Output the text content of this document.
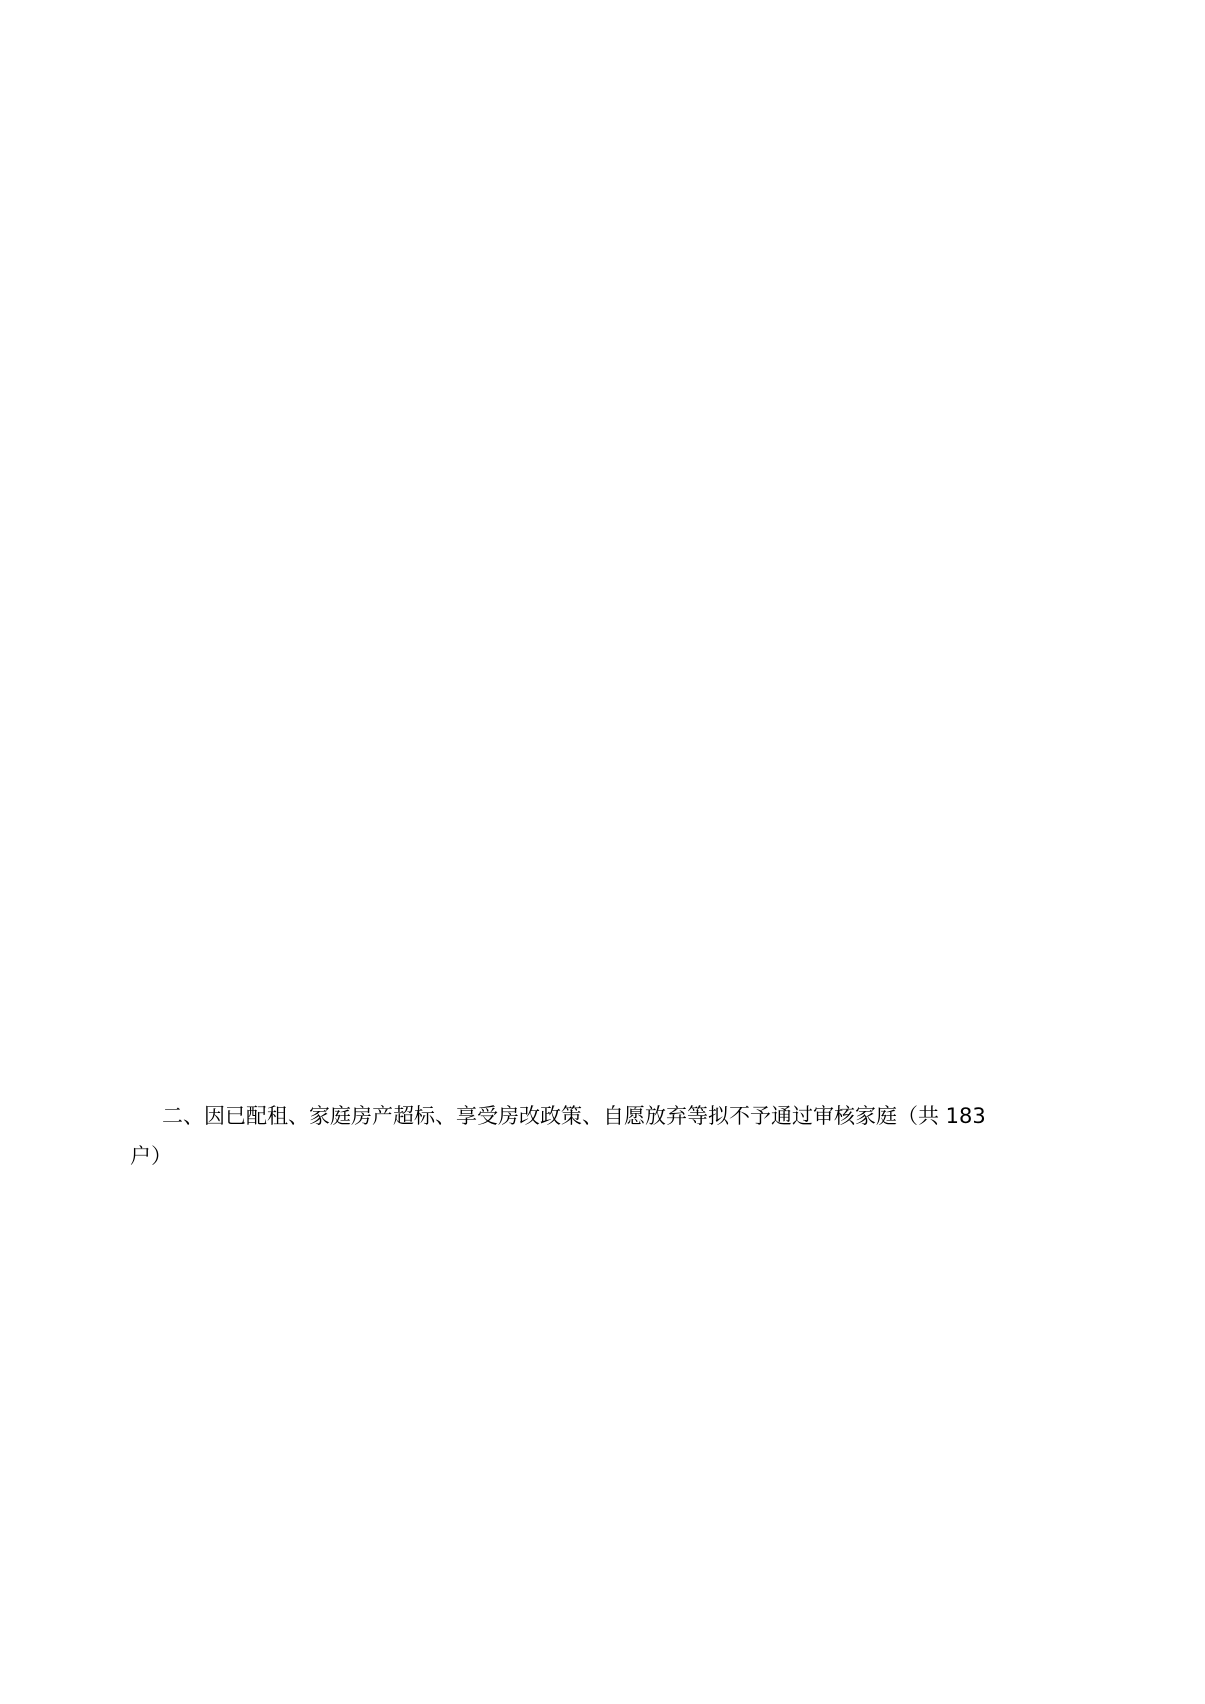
二、因已配租、家庭房产超标、享受房改政策、自愿放弃等拟不予通过审核家庭（共 183
户）
